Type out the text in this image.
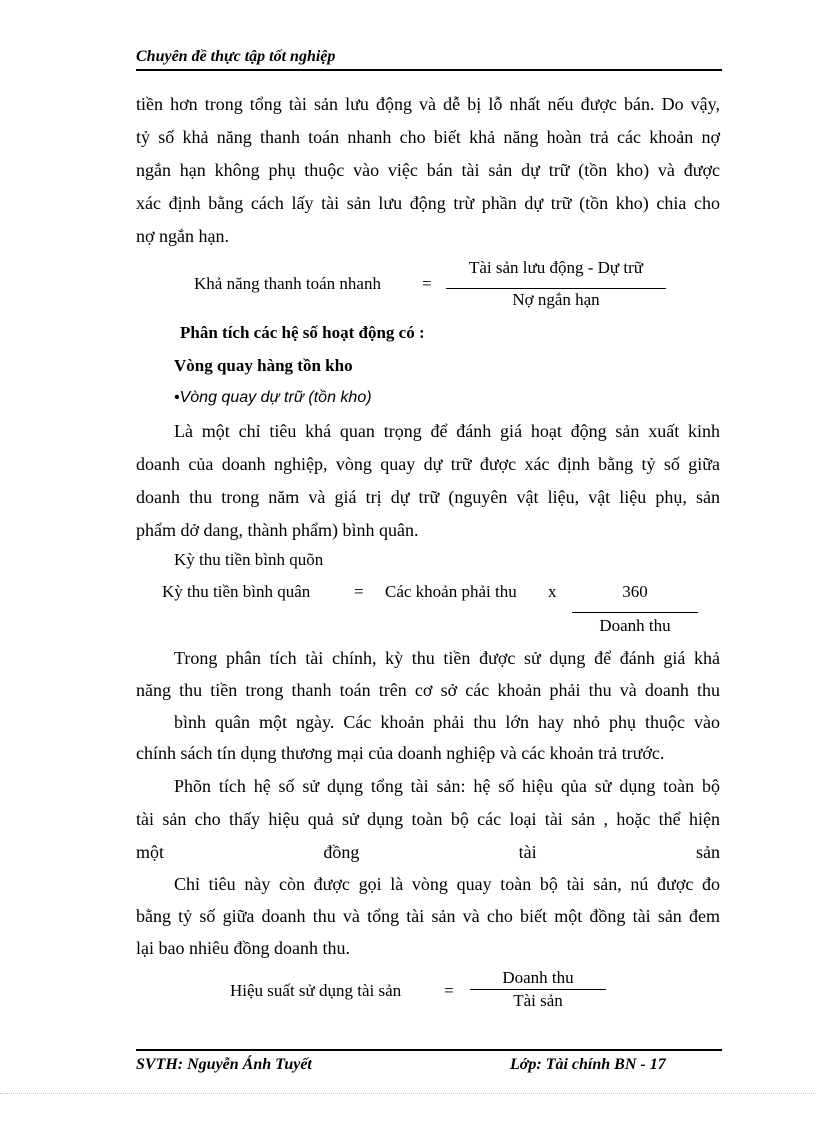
Chuyên đề thực tập tốt nghiệp
tiền hơn trong tổng tài sản lưu động và dễ bị lỗ nhất nếu được bán. Do vậy,
tỷ số khả năng thanh toán nhanh cho biết khả năng hoàn trả các khoản nợ
ngắn hạn không phụ thuộc vào việc bán tài sản dự trữ (tồn kho) và được
xác định bằng cách lấy tài sản lưu động trừ phần dự trữ (tồn kho) chia cho
nợ ngắn hạn.
Khả năng thanh toán nhanh =
Tài sản lưu động - Dự trữ
Nợ ngắn hạn
Phân tích các hệ số hoạt động có :
Vòng quay hàng tồn kho
•Vòng quay dự trữ (tồn kho)
Là một chỉ tiêu khá quan trọng để đánh giá hoạt động sản xuất kinh
doanh của doanh nghiệp, vòng quay dự trữ được xác định bằng tỷ số giữa
doanh thu trong năm và giá trị dự trữ (nguyên vật liệu, vật liệu phụ, sản
phẩm dở dang, thành phẩm) bình quân.
Kỳ thu tiền bình quõn
Kỳ thu tiền bình quân	= Các khoản phải thu x	360
Doanh thu
Trong phân tích tài chính, kỳ thu tiền được sử dụng để đánh giá khả
năng thu tiền trong thanh toán trên cơ sở các khoản phải thu và doanh thu
bình quân một ngày. Các khoản phải thu lớn hay nhỏ phụ thuộc vào
chính sách tín dụng thương mại của doanh nghiệp và các khoản trả trước.
Phõn tích hệ số sử dụng tổng tài sản: hệ số hiệu qủa sử dụng toàn bộ
tài sản cho thấy hiệu quả sử dụng toàn bộ các loại tài sản , hoặc thể hiện
một	đồng	tài	sản
Chỉ tiêu này còn được gọi là vòng quay toàn bộ tài sản, nú được đo
bằng tỷ số giữa doanh thu và tổng tài sản và cho biết một đồng tài sản đem
lại bao nhiêu đồng doanh thu.
Hiệu suất sử dụng tài sản	=
Doanh thu
Tài sản
SVTH: Nguyễn Ánh Tuyết	Lớp: Tài chính BN - 17
